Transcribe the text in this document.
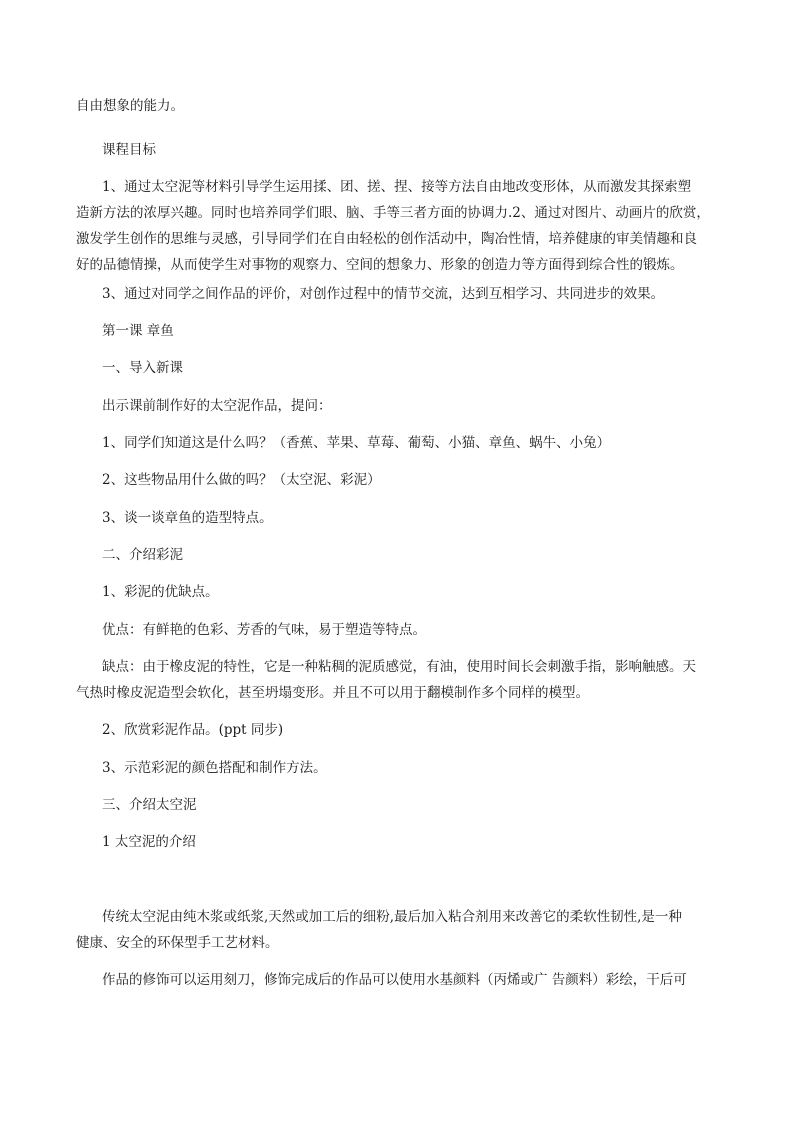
自由想象的能力。

课程目标

1、通过太空泥等材料引导学生运用揉、团、搓、捏、接等方法自由地改变形体，从而激发其探索塑
造新方法的浓厚兴趣。同时也培养同学们眼、脑、手等三者方面的协调力.2、通过对图片、动画片的欣赏，
激发学生创作的思维与灵感，引导同学们在自由轻松的创作活动中，陶冶性情，培养健康的审美情趣和良
好的品德情操，从而使学生对事物的观察力、空间的想象力、形象的创造力等方面得到综合性的锻炼。

3、通过对同学之间作品的评价，对创作过程中的情节交流，达到互相学习、共同进步的效果。

第一课 章鱼

一、导入新课

出示课前制作好的太空泥作品，提问：

1、同学们知道这是什么吗？（香蕉、苹果、草莓、葡萄、小猫、章鱼、蜗牛、小兔）

2、这些物品用什么做的吗？（太空泥、彩泥）

3、谈一谈章鱼的造型特点。

二、介绍彩泥

1、彩泥的优缺点。

优点：有鲜艳的色彩、芳香的气味，易于塑造等特点。

缺点：由于橡皮泥的特性，它是一种粘稠的泥质感觉，有油，使用时间长会刺激手指，影响触感。天
气热时橡皮泥造型会软化，甚至坍塌变形。并且不可以用于翻模制作多个同样的模型。

2、欣赏彩泥作品。(ppt 同步)

3、示范彩泥的颜色搭配和制作方法。

三、介绍太空泥

1 太空泥的介绍

传统太空泥由纯木浆或纸浆,天然或加工后的细粉,最后加入粘合剂用来改善它的柔软性韧性,是一种
健康、安全的环保型手工艺材料。

作品的修饰可以运用刻刀，修饰完成后的作品可以使用水基颜料（丙烯或广 告颜料）彩绘，干后可
